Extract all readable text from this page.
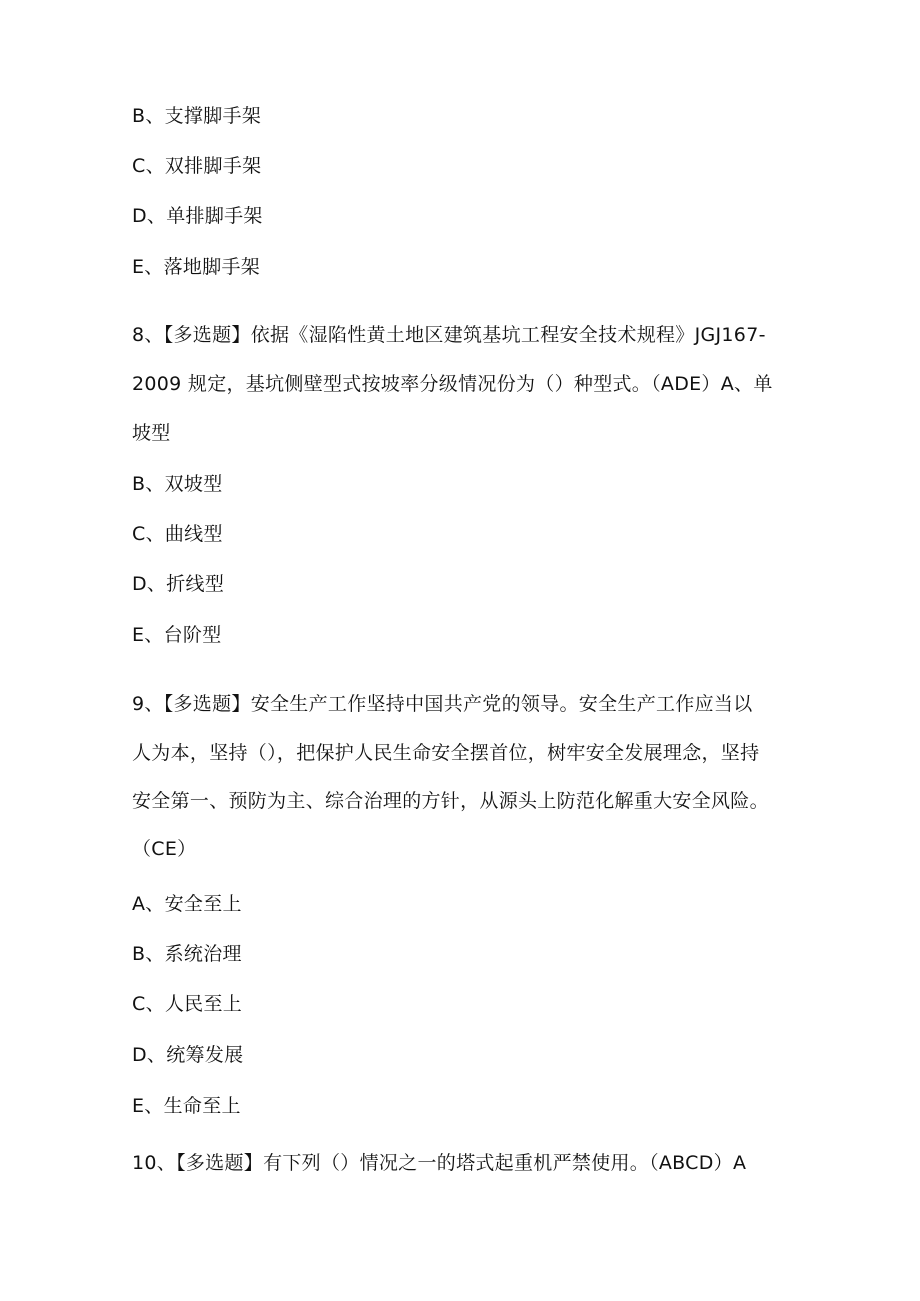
B、支撑脚手架
C、双排脚手架
D、单排脚手架
E、落地脚手架
8、【多选题】依据《湿陷性黄土地区建筑基坑工程安全技术规程》JGJ167-
2009 规定，基坑侧壁型式按坡率分级情况份为（）种型式。（ADE）A、单
坡型
B、双坡型
C、曲线型
D、折线型
E、台阶型
9、【多选题】安全生产工作坚持中国共产党的领导。安全生产工作应当以
人为本，坚持（），把保护人民生命安全摆首位，树牢安全发展理念，坚持
安全第一、预防为主、综合治理的方针，从源头上防范化解重大安全风险。
（CE）
A、安全至上
B、系统治理
C、人民至上
D、统筹发展
E、生命至上
10、【多选题】有下列（）情况之一的塔式起重机严禁使用。（ABCD）A
